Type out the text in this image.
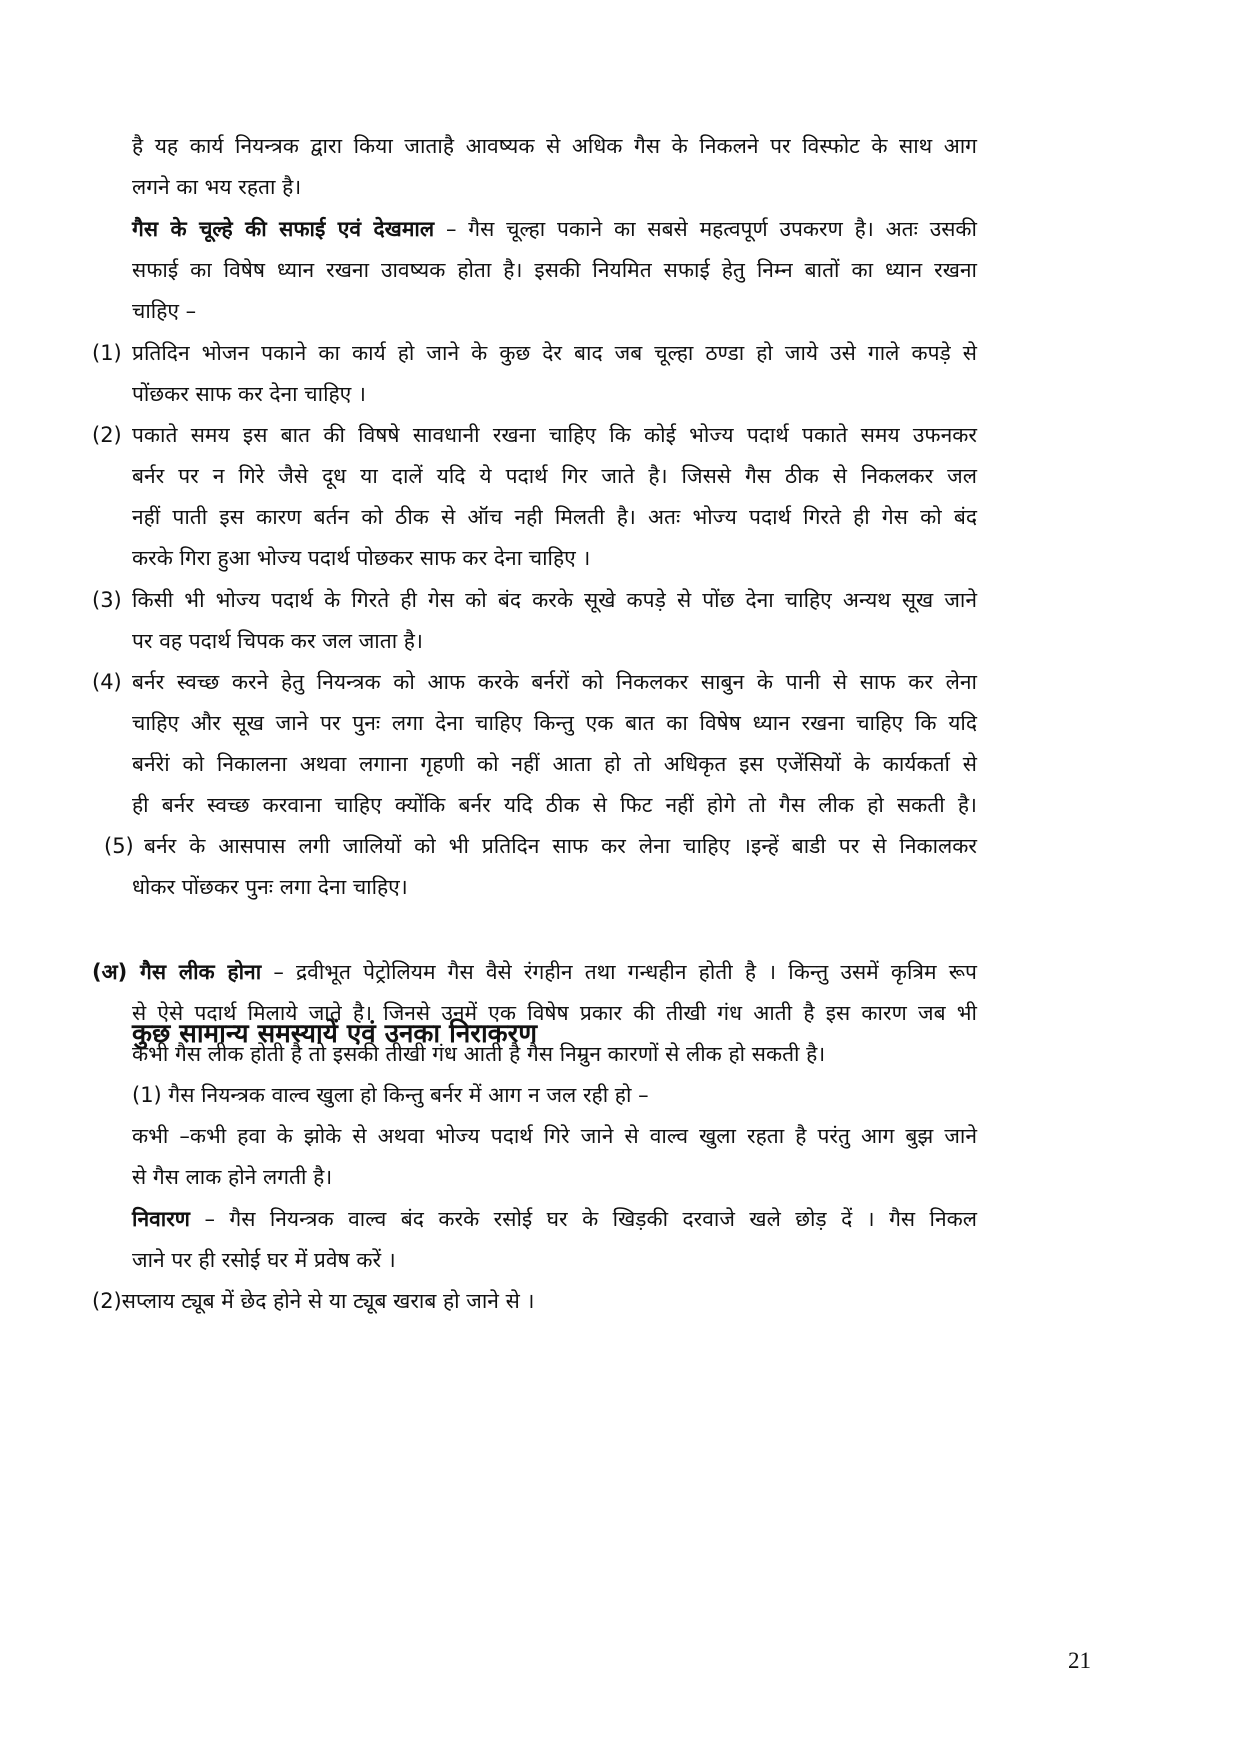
है यह कार्य नियन्त्रक द्वारा किया जाताहै आवष्यक से अधिक गैस के निकलने पर विस्फोट के साथ आग
लगने का भय रहता है।
गैस के चूल्हे की सफाई एवं देखमाल – गैस चूल्हा पकाने का सबसे महत्वपूर्ण उपकरण है। अतः उसकी
सफाई का विषेष ध्यान रखना उावष्यक होता है। इसकी नियमित सफाई हेतु निम्न बातों का ध्यान रखना
चाहिए –
(1) प्रतिदिन भोजन पकाने का कार्य हो जाने के कुछ देर बाद जब चूल्हा ठण्डा हो जाये उसे गाले कपड़े से
पोंछकर साफ कर देना चाहिए ।
(2) पकाते समय इस बात की विषषे सावधानी रखना चाहिए कि कोई भोज्य पदार्थ पकाते समय उफनकर
बर्नर पर न गिरे जैसे दूध या दालें यदि ये पदार्थ गिर जाते है। जिससे गैस ठीक से निकलकर जल
नहीं पाती इस कारण बर्तन को ठीक से ऑच नही मिलती है। अतः भोज्य पदार्थ गिरते ही गेस को बंद
करके गिरा हुआ भोज्य पदार्थ पोछकर साफ कर देना चाहिए ।
(3) किसी भी भोज्य पदार्थ के गिरते ही गेस को बंद करके सूखे कपड़े से पोंछ देना चाहिए अन्यथ सूख जाने
पर वह पदार्थ चिपक कर जल जाता है।
(4) बर्नर स्वच्छ करने हेतु नियन्त्रक को आफ करके बर्नरों को निकलकर साबुन के पानी से साफ कर लेना
चाहिए और सूख जाने पर पुनः लगा देना चाहिए किन्तु एक बात का विषेष ध्यान रखना चाहिए कि यदि
बर्नरेां को निकालना अथवा लगाना गृहणी को नहीं आता हो तो अधिकृत इस एजेंसियों के कार्यकर्ता से
ही बर्नर स्वच्छ करवाना चाहिए क्योंकि बर्नर यदि ठीक से फिट नहीं होगे तो गैस लीक हो सकती है।
(5) बर्नर के आसपास लगी जालियों को भी प्रतिदिन साफ कर लेना चाहिए ।इन्हें बाडी पर से निकालकर
धोकर पोंछकर पुनः लगा देना चाहिए।
कुछ सामान्य समस्यायें एवं उनका निराकरण
(अ) गैस लीक होना – द्रवीभूत पेट्रोलियम गैस वैसे रंगहीन तथा गन्धहीन होती है । किन्तु उसमें कृत्रिम रूप
से ऐसे पदार्थ मिलाये जाते है। जिनसे उनमें एक विषेष प्रकार की तीखी गंध आती है इस कारण जब भी
कभी गैस लीक होती है तो इसकी तीखी गंध आती है गैस निम्रुन कारणों से लीक हो सकती है।
(1) गैस नियन्त्रक वाल्व खुला हो किन्तु बर्नर में आग न जल रही हो –
कभी –कभी हवा के झोके से अथवा भोज्य पदार्थ गिरे जाने से वाल्व खुला रहता है परंतु आग बुझ जाने
से गैस लाक होने लगती है।
निवारण – गैस नियन्त्रक वाल्व बंद करके रसोई घर के खिड़की दरवाजे खले छोड़ दें । गैस निकल
जाने पर ही रसोई घर में प्रवेष करें ।
(2)सप्लाय ट्यूब में छेद होने से या ट्यूब खराब हो जाने से ।
21
